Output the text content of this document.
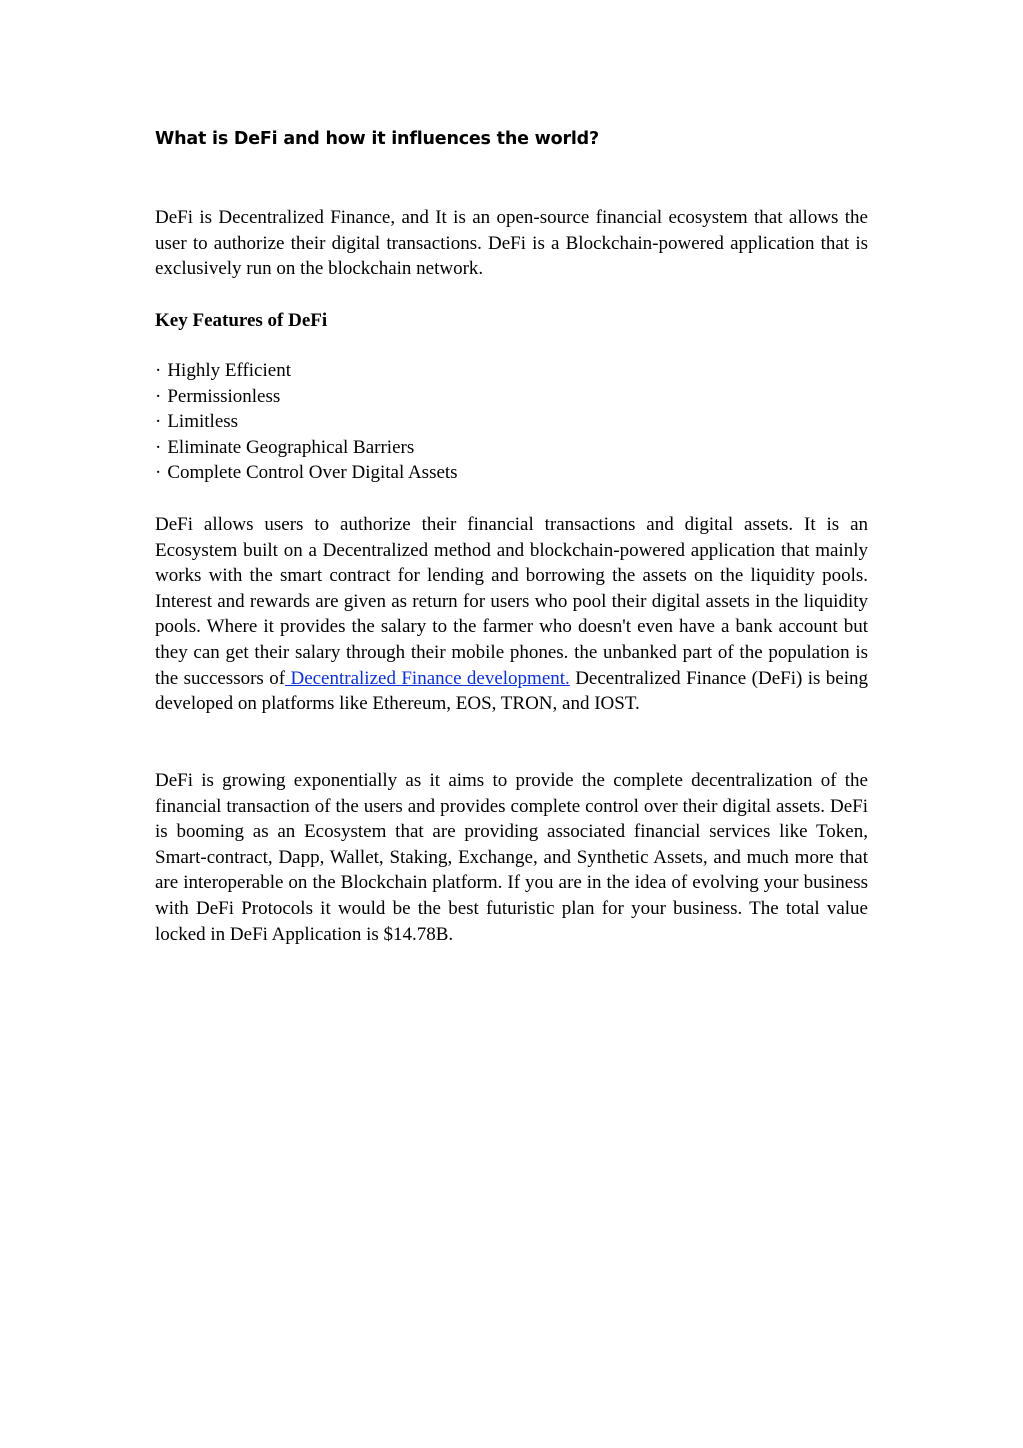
What is DeFi and how it influences the world?

DeFi is Decentralized Finance, and It is an open-source financial ecosystem that allows the user to authorize their digital transactions. DeFi is a Blockchain-powered application that is exclusively run on the blockchain network.

Key Features of DeFi

· Highly Efficient
· Permissionless
· Limitless
· Eliminate Geographical Barriers
· Complete Control Over Digital Assets

DeFi allows users to authorize their financial transactions and digital assets. It is an Ecosystem built on a Decentralized method and blockchain-powered application that mainly works with the smart contract for lending and borrowing the assets on the liquidity pools. Interest and rewards are given as return for users who pool their digital assets in the liquidity pools. Where it provides the salary to the farmer who doesn't even have a bank account but they can get their salary through their mobile phones. the unbanked part of the population is the successors of Decentralized Finance development. Decentralized Finance (DeFi) is being developed on platforms like Ethereum, EOS, TRON, and IOST.

DeFi is growing exponentially as it aims to provide the complete decentralization of the financial transaction of the users and provides complete control over their digital assets. DeFi is booming as an Ecosystem that are providing associated financial services like Token, Smart-contract, Dapp, Wallet, Staking, Exchange, and Synthetic Assets, and much more that are interoperable on the Blockchain platform. If you are in the idea of evolving your business with DeFi Protocols it would be the best futuristic plan for your business. The total value locked in DeFi Application is $14.78B.
